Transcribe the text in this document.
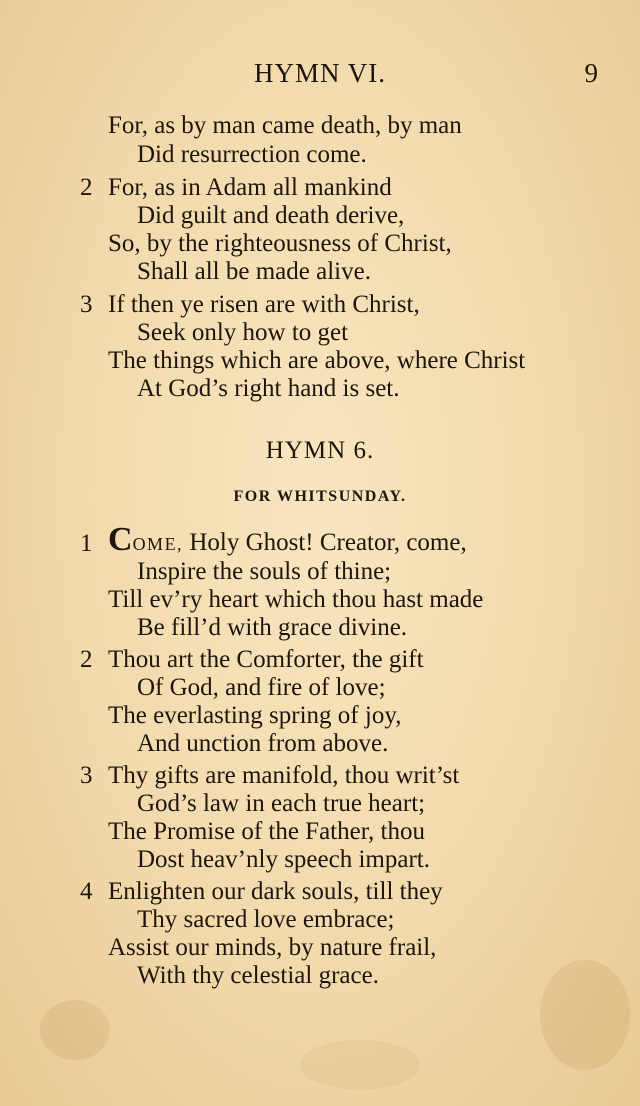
HYMN VI.	9
For, as by man came death, by man
Did resurrection come.
2 For, as in Adam all mankind
Did guilt and death derive,
So, by the righteousness of Christ,
Shall all be made alive.
3 If then ye risen are with Christ,
Seek only how to get
The things which are above, where Christ
At God’s right hand is set.
HYMN 6.
FOR WHITSUNDAY.
1 COME, Holy Ghost! Creator, come,
Inspire the souls of thine;
Till ev’ry heart which thou hast made
Be fill’d with grace divine.
2 Thou art the Comforter, the gift
Of God, and fire of love;
The everlasting spring of joy,
And unction from above.
3 Thy gifts are manifold, thou writ’st
God’s law in each true heart;
The Promise of the Father, thou
Dost heav’nly speech impart.
4 Enlighten our dark souls, till they
Thy sacred love embrace;
Assist our minds, by nature frail,
With thy celestial grace.
